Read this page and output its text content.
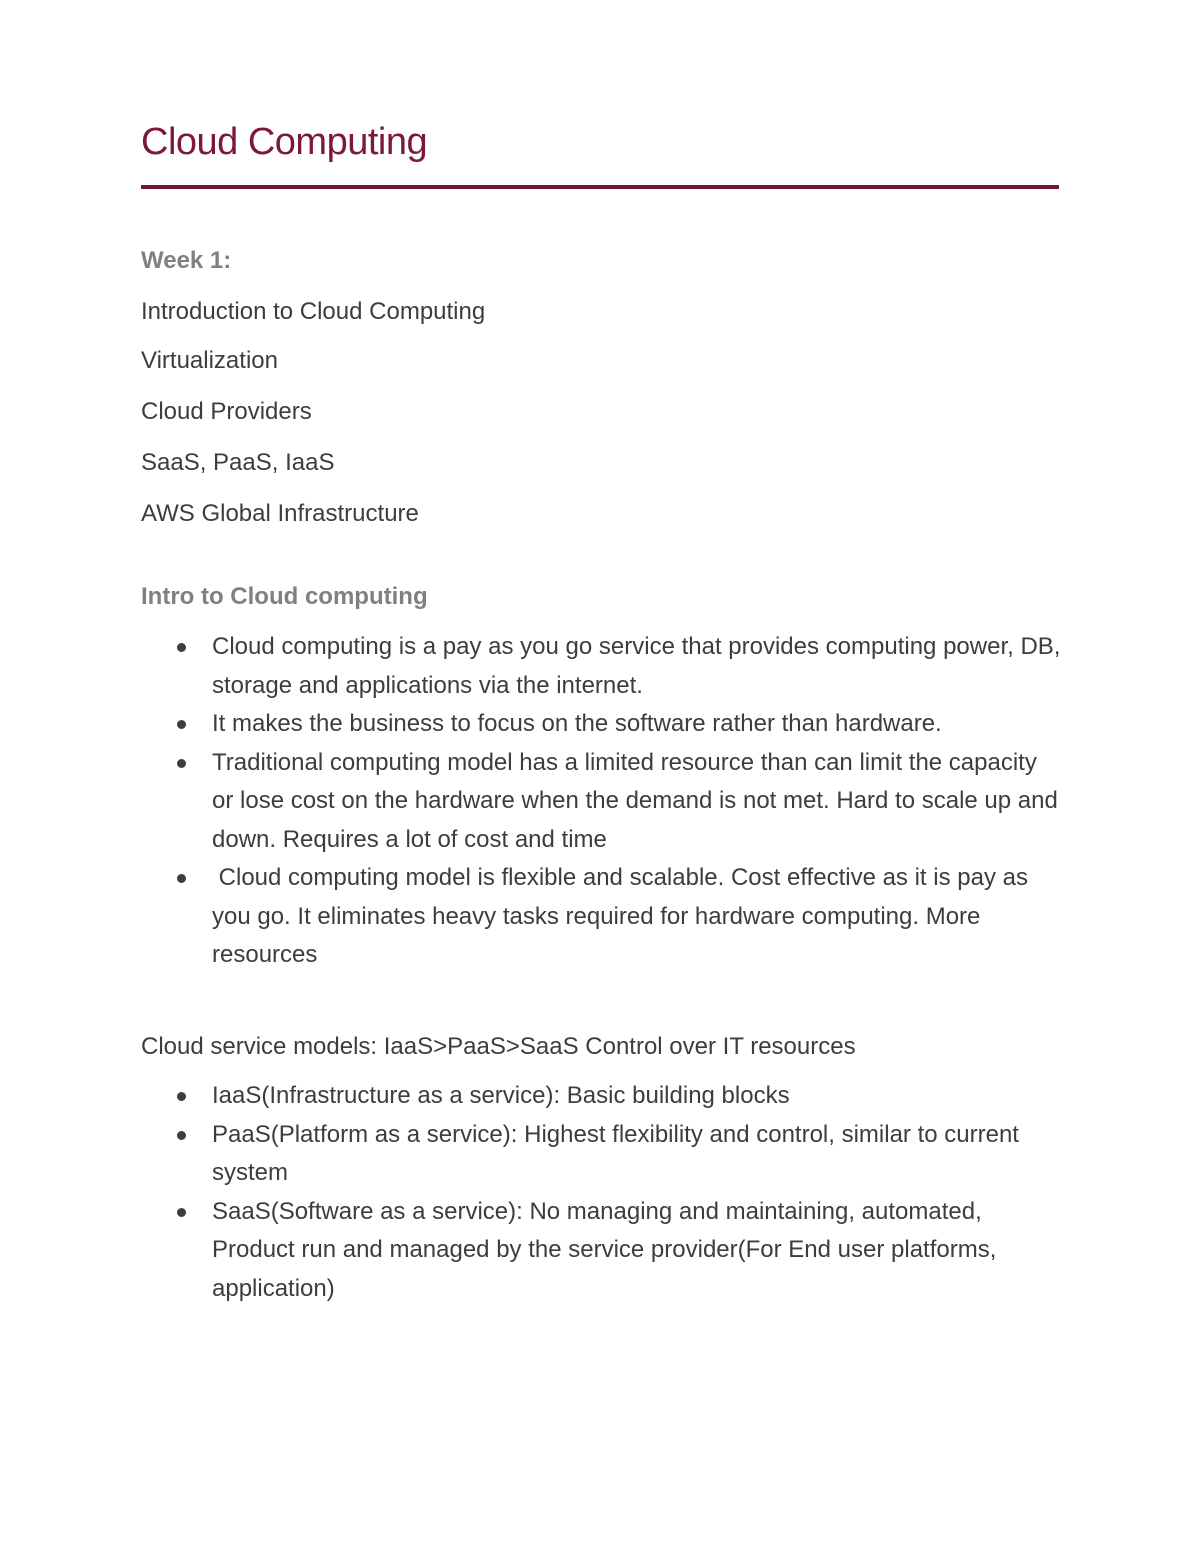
Cloud Computing
Week 1:
Introduction to Cloud Computing
Virtualization
Cloud Providers
SaaS, PaaS, IaaS
AWS Global Infrastructure
Intro to Cloud computing
Cloud computing is a pay as you go service that provides computing power, DB, storage and applications via the internet.
It makes the business to focus on the software rather than hardware.
Traditional computing model has a limited resource than can limit the capacity or lose cost on the hardware when the demand is not met. Hard to scale up and down. Requires a lot of cost and time
Cloud computing model is flexible and scalable. Cost effective as it is pay as you go. It eliminates heavy tasks required for hardware computing. More resources
Cloud service models: IaaS>PaaS>SaaS Control over IT resources
IaaS(Infrastructure as a service): Basic building blocks
PaaS(Platform as a service): Highest flexibility and control, similar to current system
SaaS(Software as a service): No managing and maintaining, automated, Product run and managed by the service provider(For End user platforms, application)
